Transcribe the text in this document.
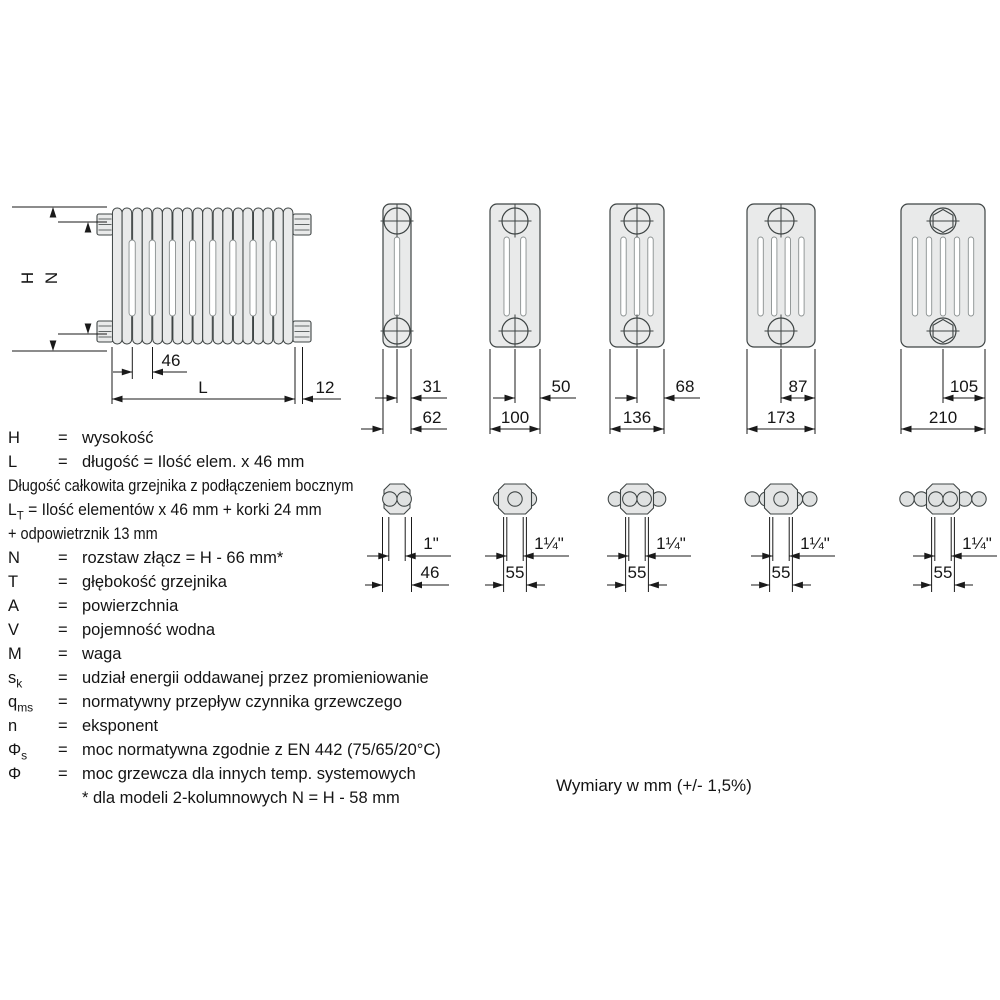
H N
46
L	12	31
62
1"
46
50
100
1¼"
55
68
136
1¼"
55
87
173
1¼"
55
105
210
1¼"
55
H	= wysokość
L	= długość = Ilość elem. x 46 mm
Długość całkowita grzejnika z podłączeniem bocznym
$L_T$ = Ilość elementów x 46 mm + korki 24 mm
+ odpowietrznik 13 mm
N	= rozstaw złącz = H - 66 mm*
T	= głębokość grzejnika
A	= powierzchnia
V	= pojemność wodna
M	= waga
$s_k$	= udział energii oddawanej przez promieniowanie
$q_{ms}$	= normatywny przepływ czynnika grzewczego
n	= eksponent
$\Phi_s$	= moc normatywna zgodnie z EN 442 (75/65/20°C)
Φ	= moc grzewcza dla innych temp. systemowych
* dla modeli 2-kolumnowych N = H - 58 mm
Wymiary w mm (+/- 1,5%)
